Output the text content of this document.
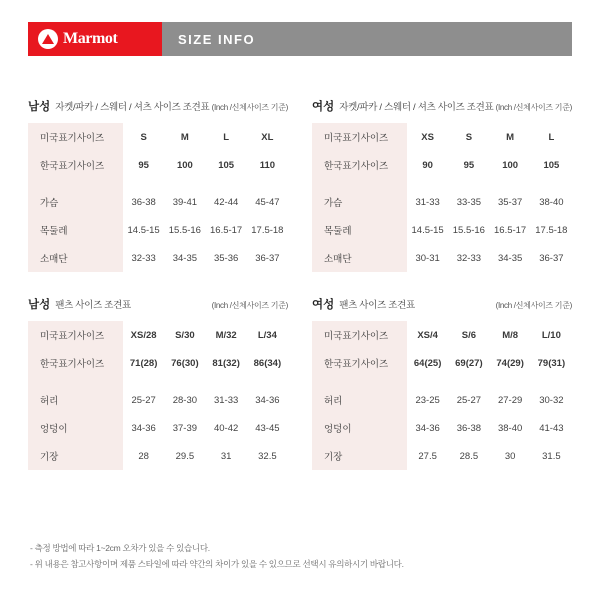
Marmot	SIZE INFO
남성 자켓/파카 / 스웨터 / 셔츠 사이즈 조견표 (Inch /신체사이즈 기준)
미국표기사이즈	S	M	L	XL
한국표기사이즈	95	100	105	110

가슴	36-38	39-41	42-44	45-47
목둘레	14.5-15	15.5-16	16.5-17	17.5-18
소매단	32-33	34-35	35-36	36-37
여성 자켓/파카 / 스웨터 / 셔츠 사이즈 조견표 (Inch /신체사이즈 기준)
미국표기사이즈	XS	S	M	L
한국표기사이즈	90	95	100	105

가슴	31-33	33-35	35-37	38-40
목둘레	14.5-15	15.5-16	16.5-17	17.5-18
소매단	30-31	32-33	34-35	36-37
남성 팬츠 사이즈 조견표	(Inch /신체사이즈 기준)
미국표기사이즈	XS/28	S/30	M/32	L/34
한국표기사이즈	71(28)	76(30)	81(32)	86(34)

허리	25-27	28-30	31-33	34-36
엉덩이	34-36	37-39	40-42	43-45
기장	28	29.5	31	32.5
여성 팬츠 사이즈 조견표	(Inch /신체사이즈 기준)
미국표기사이즈	XS/4	S/6	M/8	L/10
한국표기사이즈	64(25)	69(27)	74(29)	79(31)

허리	23-25	25-27	27-29	30-32
엉덩이	34-36	36-38	38-40	41-43
기장	27.5	28.5	30	31.5
- 측정 방법에 따라 1~2cm 오차가 있을 수 있습니다.
- 위 내용은 참고사항이며 제품 스타일에 따라 약간의 차이가 있을 수 있으므로 선택시 유의하시기 바랍니다.
